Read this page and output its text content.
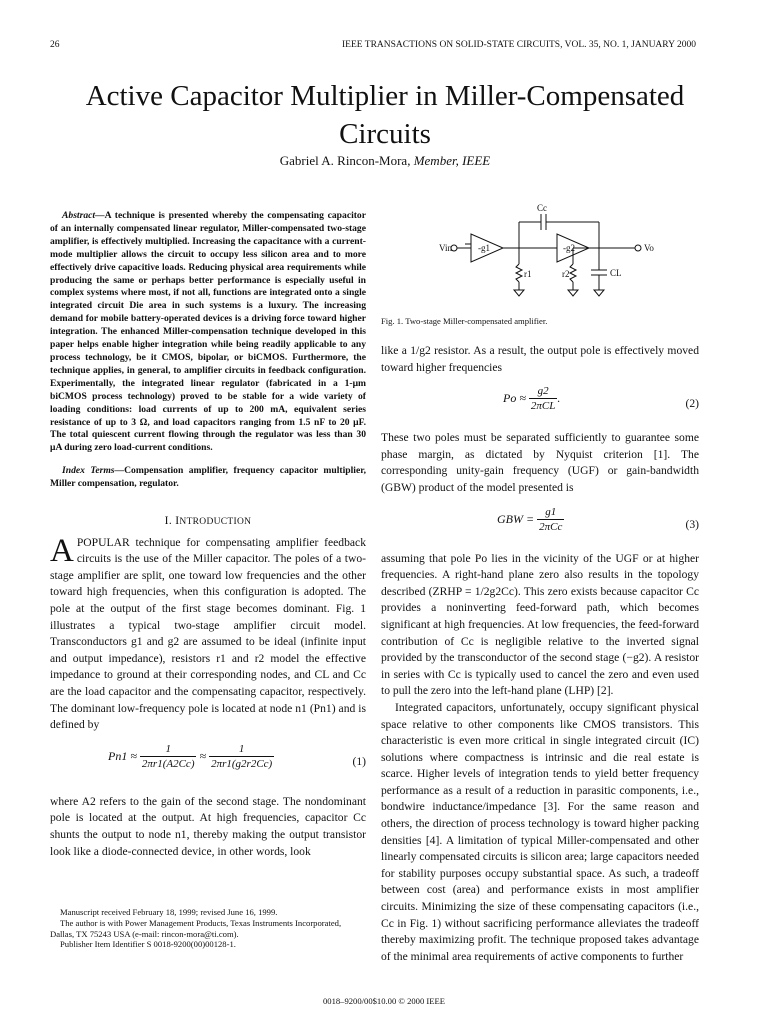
26	IEEE TRANSACTIONS ON SOLID-STATE CIRCUITS, VOL. 35, NO. 1, JANUARY 2000
Active Capacitor Multiplier in Miller-Compensated Circuits
Gabriel A. Rincon-Mora, Member, IEEE

Abstract—A technique is presented whereby the compensating capacitor of an internally compensated linear regulator, Miller-compensated two-stage amplifier, is effectively multiplied. Increasing the capacitance with a current-mode multiplier allows the circuit to occupy less silicon area and to more effectively drive capacitive loads. Reducing physical area requirements while producing the same or perhaps better performance is especially useful in complex systems where most, if not all, functions are integrated onto a single integrated circuit Die area in such systems is a luxury. The increasing demand for mobile battery-operated devices is a driving force toward higher integration. The enhanced Miller-compensation technique developed in this paper helps enable higher integration while being readily applicable to any process technology, be it CMOS, bipolar, or biCMOS. Furthermore, the technique applies, in general, to amplifier circuits in feedback configuration. Experimentally, the integrated linear regulator (fabricated in a 1-μm biCMOS process technology) proved to be stable for a wide variety of loading conditions: load currents of up to 200 mA, equivalent series resistance of up to 3 Ω, and load capacitors ranging from 1.5 nF to 20 μF. The total quiescent current flowing through the regulator was less than 30 μA during zero load-current conditions.

Index Terms—Compensation amplifier, frequency capacitor multiplier, Miller compensation, regulator.

I. INTRODUCTION

APOPULAR technique for compensating amplifier feedback circuits is the use of the Miller capacitor. The poles of a two-stage amplifier are split, one toward low frequencies and the other toward high frequencies, when this configuration is adopted. The pole at the output of the first stage becomes dominant. Fig. 1 illustrates a typical two-stage amplifier circuit model. Transconductors g1 and g2 are assumed to be ideal (infinite input and output impedance), resistors r1 and r2 model the effective impedance to ground at their corresponding nodes, and CL and Cc are the load capacitor and the compensating capacitor, respectively. The dominant low-frequency pole is located at node n1 (Pn1) and is defined by

$Pn1 \approx \frac{1}{2\pi r1(A2Cc)} \approx \frac{1}{2\pi r1(g2r2Cc)}$	(1)

where A2 refers to the gain of the second stage. The nondominant pole is located at the output. At high frequencies, capacitor Cc shunts the output to node n1, thereby making the output transistor look like a diode-connected device, in other words, look

Manuscript received February 18, 1999; revised June 16, 1999.

The author is with Power Management Products, Texas Instruments Incorporated, Dallas, TX 75243 USA (e-mail: rincon-mora@ti.com).

Publisher Item Identifier S 0018-9200(00)00128-1.

Cc
Vin	Vo
-g1	-g2
r1	r2	CL
Fig. 1. Two-stage Miller-compensated amplifier.

like a 1/g2 resistor. As a result, the output pole is effectively moved toward higher frequencies

$Po \approx \frac{g2}{\text{2πCL}}$ .	(2)

These two poles must be separated sufficiently to guarantee some phase margin, as dictated by Nyquist criterion [1]. The corresponding unity-gain frequency (UGF) or gain-bandwidth (GBW) product of the model presented is

GBW = $\frac{g1}{\text{2πCc}}$	(3)

assuming that pole Po lies in the vicinity of the UGF or at higher frequencies. A right-hand plane zero also results in the topology described (ZRHP = 1/2g2Cc). This zero exists because capacitor Cc provides a noninverting feed-forward path, which becomes significant at high frequencies. At low frequencies, the feed-forward contribution of Cc is negligible relative to the inverted signal provided by the transconductor of the second stage (−g2). A resistor in series with Cc is typically used to cancel the zero and even used to pull the zero into the left-hand plane (LHP) [2].

Integrated capacitors, unfortunately, occupy significant physical space relative to other components like CMOS transistors. This characteristic is even more critical in single integrated circuit (IC) solutions where compactness is intrinsic and die real estate is scarce. Higher levels of integration tends to yield better frequency performance as a result of a reduction in parasitic components, i.e., bondwire inductance/impedance [3]. For the same reason and others, the direction of process technology is toward higher packing densities [4]. A limitation of typical Miller-compensated and other linearly compensated circuits is silicon area; large capacitors needed for stability purposes occupy substantial space. As such, a tradeoff between cost (area) and performance exists in most amplifier circuits. Minimizing the size of these compensating capacitors (i.e., Cc in Fig. 1) without sacrificing performance alleviates the tradeoff thereby maximizing profit. The technique proposed takes advantage of the minimal area requirements of active components to further

0018–9200/00$10.00 © 2000 IEEE
